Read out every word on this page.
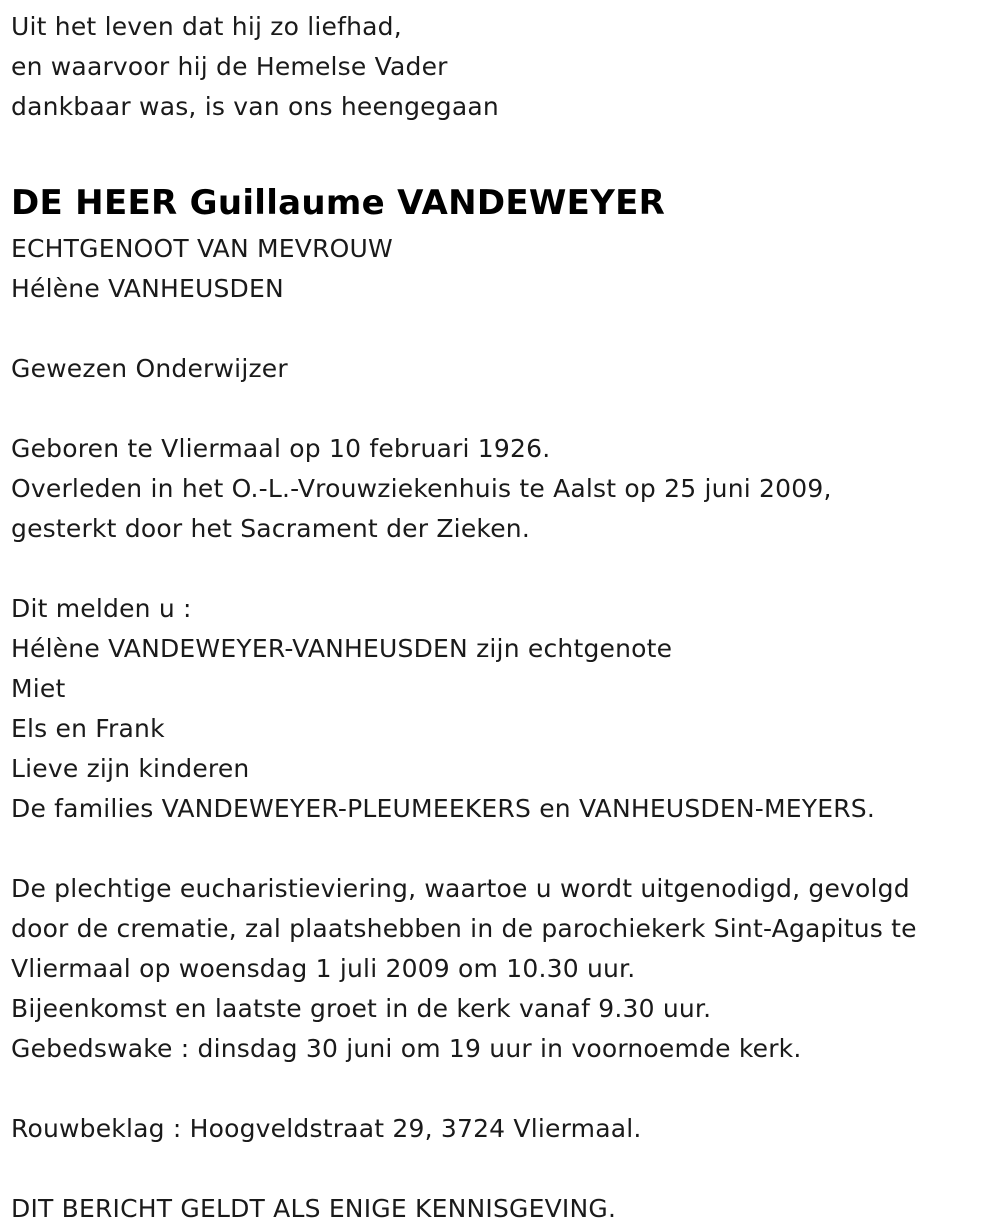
Uit het leven dat hij zo liefhad,
en waarvoor hij de Hemelse Vader
dankbaar was, is van ons heengegaan
DE HEER Guillaume VANDEWEYER
ECHTGENOOT VAN MEVROUW
Hélène VANHEUSDEN
Gewezen Onderwijzer
Geboren te Vliermaal op 10 februari 1926.
Overleden in het O.-L.-Vrouwziekenhuis te Aalst op 25 juni 2009,
gesterkt door het Sacrament der Zieken.
Dit melden u :
Hélène VANDEWEYER-VANHEUSDEN zijn echtgenote
Miet
Els en Frank
Lieve zijn kinderen
De families VANDEWEYER-PLEUMEEKERS en VANHEUSDEN-MEYERS.
De plechtige eucharistieviering, waartoe u wordt uitgenodigd, gevolgd
door de crematie, zal plaatshebben in de parochiekerk Sint-Agapitus te
Vliermaal op woensdag 1 juli 2009 om 10.30 uur.
Bijeenkomst en laatste groet in de kerk vanaf 9.30 uur.
Gebedswake : dinsdag 30 juni om 19 uur in voornoemde kerk.
Rouwbeklag : Hoogveldstraat 29, 3724 Vliermaal.
DIT BERICHT GELDT ALS ENIGE KENNISGEVING.
